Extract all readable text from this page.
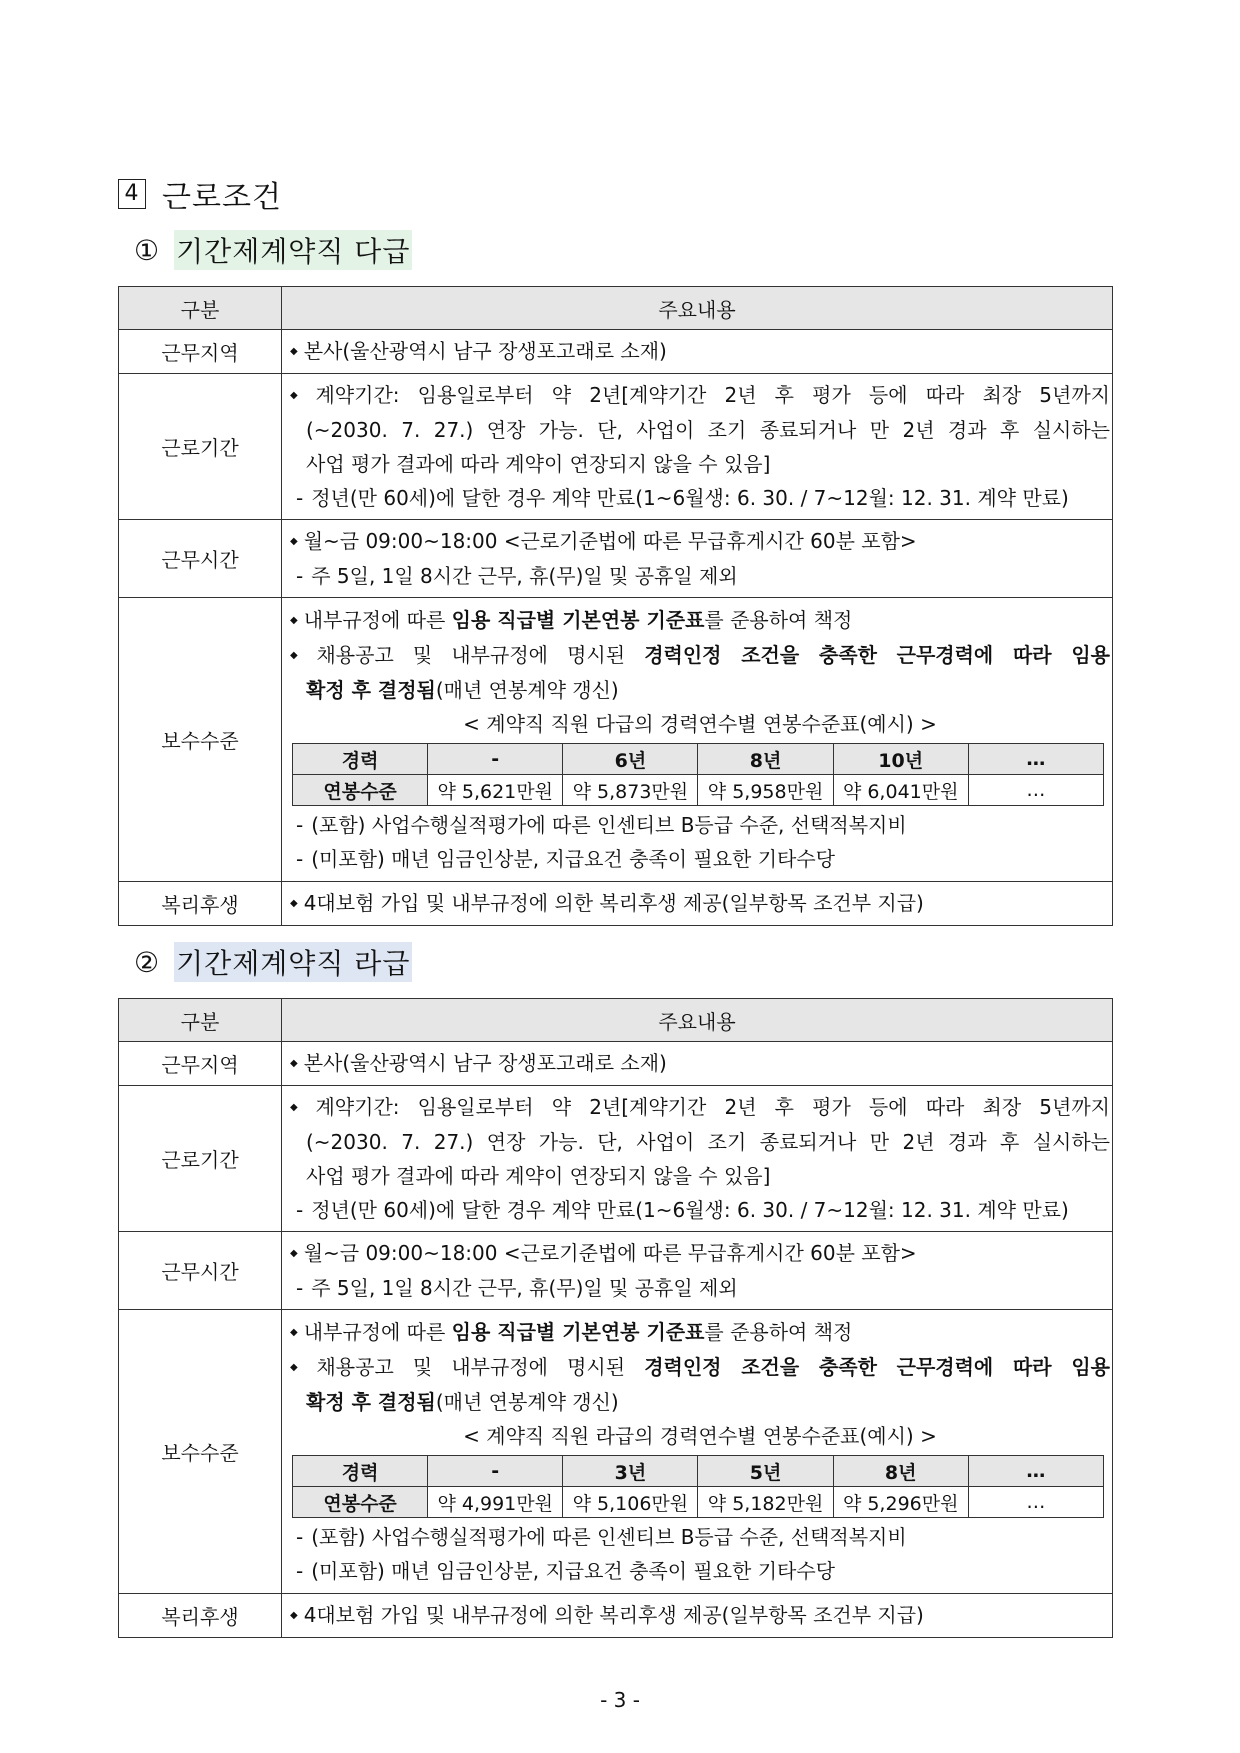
4 근로조건
① 기간제계약직 다급
구분	주요내용
근무지역	◆ 본사(울산광역시 남구 장생포고래로 소재)

근로기간	
◆ 계약기간: 임용일로부터 약 2년[계약기간 2년 후 평가 등에 따라 최장 5년까지
(~2030. 7. 27.) 연장 가능. 단, 사업이 조기 종료되거나 만 2년 경과 후 실시하는
사업 평가 결과에 따라 계약이 연장되지 않을 수 있음]
- 정년(만 60세)에 달한 경우 계약 만료(1~6월생: 6. 30. / 7~12월: 12. 31. 계약 만료)

근무시간	
◆ 월~금 09:00~18:00 <근로기준법에 따른 무급휴게시간 60분 포함>
- 주 5일, 1일 8시간 근무, 휴(무)일 및 공휴일 제외

보수수준	
◆ 내부규정에 따른 임용 직급별 기본연봉 기준표를 준용하여 책정
◆ 채용공고 및 내부규정에 명시된 경력인정 조건을 충족한 근무경력에 따라 임용
확정 후 결정됨(매년 연봉계약 갱신)
< 계약직 직원 다급의 경력연수별 연봉수준표(예시) >
경력	-	6년	8년	10년	…
연봉수준	약 5,621만원	약 5,873만원	약 5,958만원	약 6,041만원	…
- (포함) 사업수행실적평가에 따른 인센티브 B등급 수준, 선택적복지비
- (미포함) 매년 임금인상분, 지급요건 충족이 필요한 기타수당

복리후생	◆ 4대보험 가입 및 내부규정에 의한 복리후생 제공(일부항목 조건부 지급)
② 기간제계약직 라급
구분	주요내용
근무지역	◆ 본사(울산광역시 남구 장생포고래로 소재)

근로기간	
◆ 계약기간: 임용일로부터 약 2년[계약기간 2년 후 평가 등에 따라 최장 5년까지
(~2030. 7. 27.) 연장 가능. 단, 사업이 조기 종료되거나 만 2년 경과 후 실시하는
사업 평가 결과에 따라 계약이 연장되지 않을 수 있음]
- 정년(만 60세)에 달한 경우 계약 만료(1~6월생: 6. 30. / 7~12월: 12. 31. 계약 만료)

근무시간	
◆ 월~금 09:00~18:00 <근로기준법에 따른 무급휴게시간 60분 포함>
- 주 5일, 1일 8시간 근무, 휴(무)일 및 공휴일 제외

보수수준	
◆ 내부규정에 따른 임용 직급별 기본연봉 기준표를 준용하여 책정
◆ 채용공고 및 내부규정에 명시된 경력인정 조건을 충족한 근무경력에 따라 임용
확정 후 결정됨(매년 연봉계약 갱신)
< 계약직 직원 라급의 경력연수별 연봉수준표(예시) >
경력	-	3년	5년	8년	…
연봉수준	약 4,991만원	약 5,106만원	약 5,182만원	약 5,296만원	…
- (포함) 사업수행실적평가에 따른 인센티브 B등급 수준, 선택적복지비
- (미포함) 매년 임금인상분, 지급요건 충족이 필요한 기타수당

복리후생	◆ 4대보험 가입 및 내부규정에 의한 복리후생 제공(일부항목 조건부 지급)
- 3 -
